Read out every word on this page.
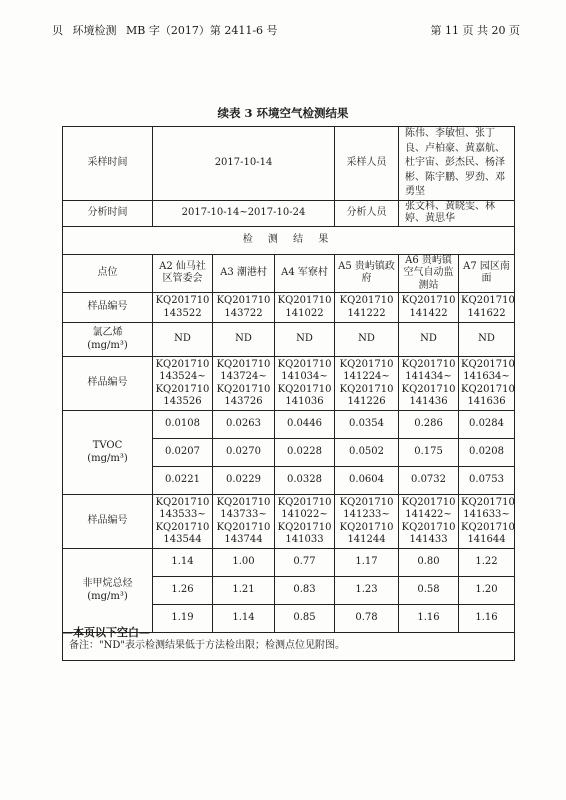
贝 环境检测 MB 字（2017）第 2411-6 号	第 11 页 共 20 页
续表 3 环境空气检测结果
采样时间	2017-10-14			采样人员	陈伟、李敏恒、张丁良、卢柏豪、黄嘉航、杜宇宙、彭杰民、杨泽彬、陈宇鹏、罗劲、邓勇坚	
分析时间	2017-10-14~2017-10-24			分析人员	张文科、黄晓雯、林婷、黄思华	
检 测 结 果						
点位	A2 仙马社区管委会	A3 潮港村	A4 军寮村	A5 贵屿镇政府	A6 贵屿镇空气自动监测站	A7 园区南面
样品编号	KQ201710 143522	KQ201710 143722	KQ201710 141022	KQ201710 141222	KQ201710 141422	KQ201710 141622

氯乙烯
(mg/m³)	ND	ND	ND	ND	ND	ND
样品编号	KQ201710 143524~ KQ201710 143526	KQ201710 143724~ KQ201710 143726	KQ201710 141034~ KQ201710 141036	KQ201710 141224~ KQ201710 141226	KQ201710 141434~ KQ201710 141436	KQ201710 141634~ KQ201710 141636

TVOC
(mg/m³)	0.0108	0.0263	0.0446	0.0354	0.286	0.0284
	0.0207	0.0270	0.0228	0.0502	0.175	0.0208
	0.0221	0.0229	0.0328	0.0604	0.0732	0.0753
样品编号	KQ201710 143533~ KQ201710 143544	KQ201710 143733~ KQ201710 143744	KQ201710 141022~ KQ201710 141033	KQ201710 141233~ KQ201710 141244	KQ201710 141422~ KQ201710 141433	KQ201710 141633~ KQ201710 141644

非甲烷总烃
(mg/m³)	1.14	1.00	0.77	1.17	0.80	1.22
	1.26	1.21	0.83	1.23	0.58	1.20
	1.19	1.14	0.85	0.78	1.16	1.16
备注："ND"表示检测结果低于方法检出限；检测点位见附图。						
—本页以下空白—
